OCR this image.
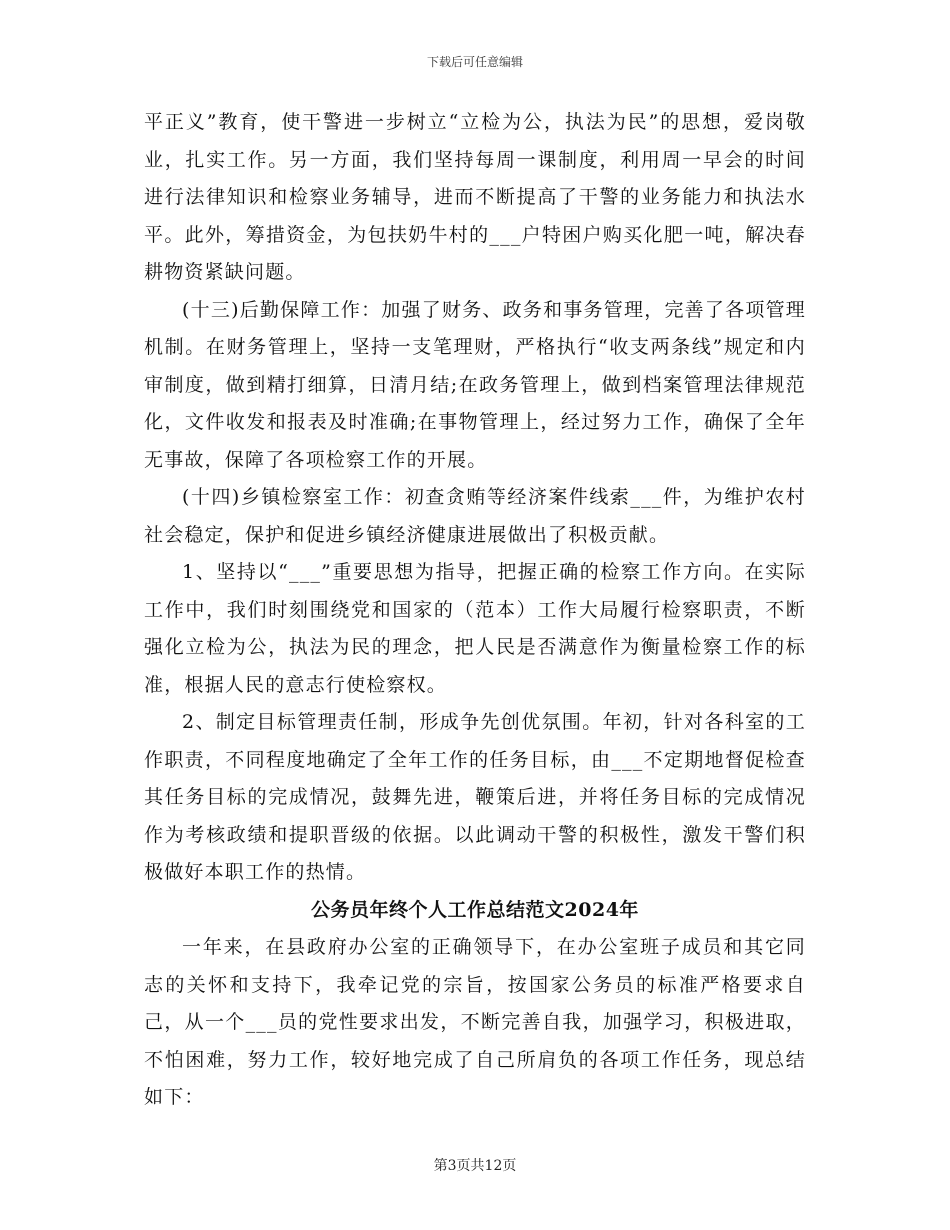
下载后可任意编辑

平正义”教育，使干警进一步树立“立检为公，执法为民”的思想，爱岗敬业，扎实工作。另一方面，我们坚持每周一课制度，利用周一早会的时间进行法律知识和检察业务辅导，进而不断提高了干警的业务能力和执法水平。此外，筹措资金，为包扶奶牛村的___户特困户购买化肥一吨，解决春耕物资紧缺问题。

(十三)后勤保障工作：加强了财务、政务和事务管理，完善了各项管理机制。在财务管理上，坚持一支笔理财，严格执行“收支两条线”规定和内审制度，做到精打细算，日清月结;在政务管理上，做到档案管理法律规范化，文件收发和报表及时准确;在事物管理上，经过努力工作，确保了全年无事故，保障了各项检察工作的开展。

(十四)乡镇检察室工作：初查贪贿等经济案件线索___件，为维护农村社会稳定，保护和促进乡镇经济健康进展做出了积极贡献。

1、坚持以“___”重要思想为指导，把握正确的检察工作方向。在实际工作中，我们时刻围绕党和国家的（范本）工作大局履行检察职责，不断强化立检为公，执法为民的理念，把人民是否满意作为衡量检察工作的标准，根据人民的意志行使检察权。

2、制定目标管理责任制，形成争先创优氛围。年初，针对各科室的工作职责，不同程度地确定了全年工作的任务目标，由___不定期地督促检查其任务目标的完成情况，鼓舞先进，鞭策后进，并将任务目标的完成情况作为考核政绩和提职晋级的依据。以此调动干警的积极性，激发干警们积极做好本职工作的热情。

公务员年终个人工作总结范文2024年

一年来，在县政府办公室的正确领导下，在办公室班子成员和其它同志的关怀和支持下，我牵记党的宗旨，按国家公务员的标准严格要求自己，从一个___员的党性要求出发，不断完善自我，加强学习，积极进取，不怕困难，努力工作，较好地完成了自己所肩负的各项工作任务，现总结如下：

第3页共12页
